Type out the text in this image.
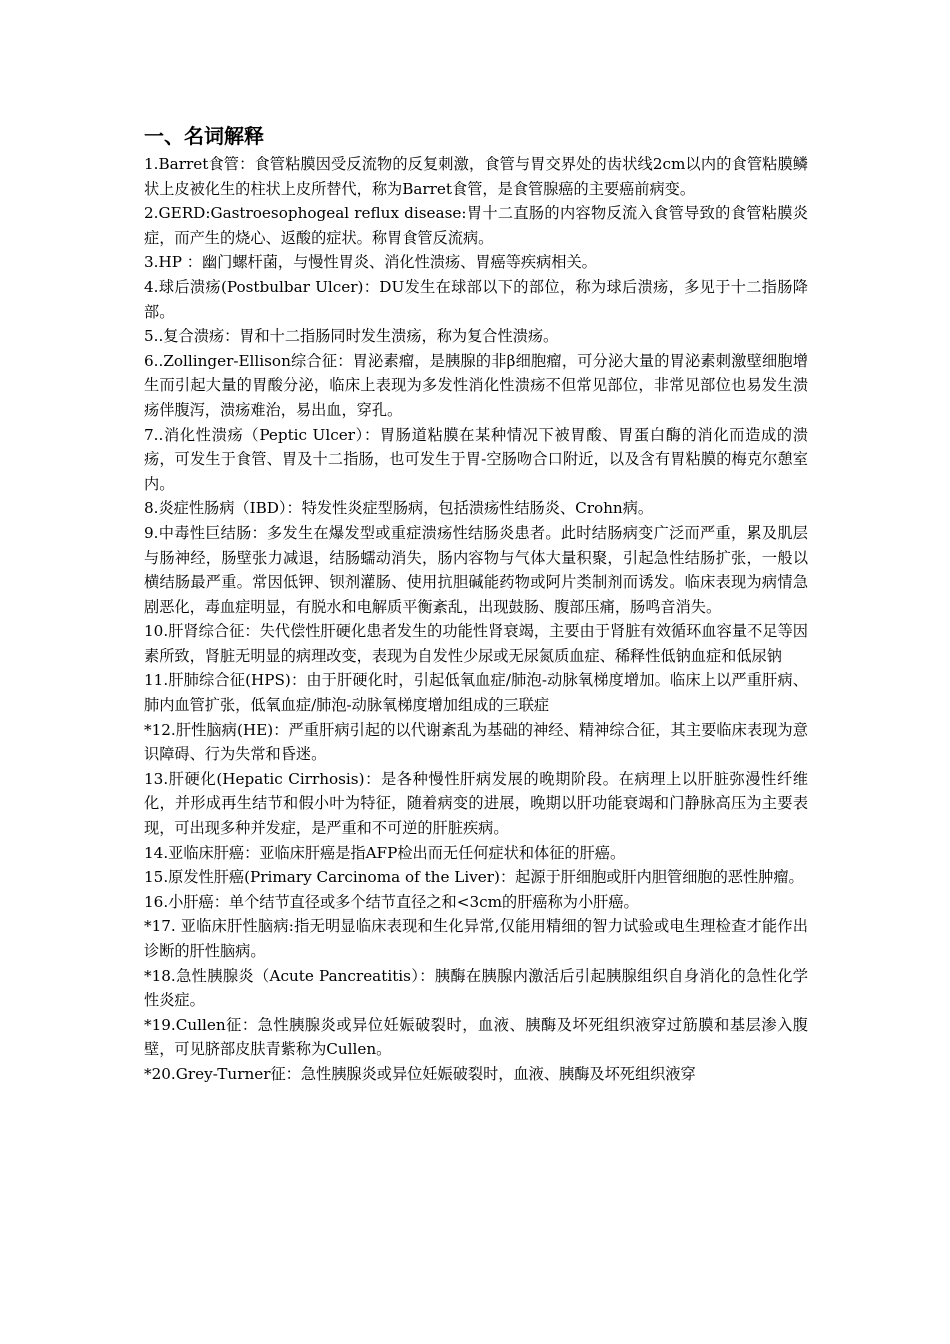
一、名词解释

1.Barret食管：食管粘膜因受反流物的反复刺激，食管与胃交界处的齿状线2cm以内的食管粘膜鳞状上皮被化生的柱状上皮所替代，称为Barret食管，是食管腺癌的主要癌前病变。

2.GERD:Gastroesophogeal reflux disease:胃十二直肠的内容物反流入食管导致的食管粘膜炎症，而产生的烧心、返酸的症状。称胃食管反流病。

3.HP ：幽门螺杆菌，与慢性胃炎、消化性溃疡、胃癌等疾病相关。

4.球后溃疡(Postbulbar Ulcer)：DU发生在球部以下的部位，称为球后溃疡，多见于十二指肠降部。

5..复合溃疡：胃和十二指肠同时发生溃疡，称为复合性溃疡。

6..Zollinger-Ellison综合征：胃泌素瘤，是胰腺的非β细胞瘤，可分泌大量的胃泌素刺激壁细胞增生而引起大量的胃酸分泌，临床上表现为多发性消化性溃疡不但常见部位，非常见部位也易发生溃疡伴腹泻，溃疡难治，易出血，穿孔。

7..消化性溃疡（Peptic Ulcer）：胃肠道粘膜在某种情况下被胃酸、胃蛋白酶的消化而造成的溃疡，可发生于食管、胃及十二指肠，也可发生于胃-空肠吻合口附近，以及含有胃粘膜的梅克尔憩室内。

8.炎症性肠病（IBD）：特发性炎症型肠病，包括溃疡性结肠炎、Crohn病。

9.中毒性巨结肠：多发生在爆发型或重症溃疡性结肠炎患者。此时结肠病变广泛而严重，累及肌层与肠神经，肠壁张力减退，结肠蠕动消失，肠内容物与气体大量积聚，引起急性结肠扩张，一般以横结肠最严重。常因低钾、钡剂灌肠、使用抗胆碱能药物或阿片类制剂而诱发。临床表现为病情急剧恶化，毒血症明显，有脱水和电解质平衡紊乱，出现鼓肠、腹部压痛，肠鸣音消失。

10.肝肾综合征：失代偿性肝硬化患者发生的功能性肾衰竭，主要由于肾脏有效循环血容量不足等因素所致，肾脏无明显的病理改变，表现为自发性少尿或无尿氮质血症、稀释性低钠血症和低尿钠

11.肝肺综合征(HPS)：由于肝硬化时，引起低氧血症/肺泡-动脉氧梯度增加。临床上以严重肝病、肺内血管扩张，低氧血症/肺泡-动脉氧梯度增加组成的三联症

*12.肝性脑病(HE)：严重肝病引起的以代谢紊乱为基础的神经、精神综合征，其主要临床表现为意识障碍、行为失常和昏迷。

13.肝硬化(Hepatic Cirrhosis)：是各种慢性肝病发展的晚期阶段。在病理上以肝脏弥漫性纤维化，并形成再生结节和假小叶为特征，随着病变的进展，晚期以肝功能衰竭和门静脉高压为主要表现，可出现多种并发症，是严重和不可逆的肝脏疾病。

14.亚临床肝癌：亚临床肝癌是指AFP检出而无任何症状和体征的肝癌。

15.原发性肝癌(Primary Carcinoma of the Liver)：起源于肝细胞或肝内胆管细胞的恶性肿瘤。

16.小肝癌：单个结节直径或多个结节直径之和<3cm的肝癌称为小肝癌。

*17. 亚临床肝性脑病:指无明显临床表现和生化异常,仅能用精细的智力试验或电生理检查才能作出诊断的肝性脑病。

*18.急性胰腺炎（Acute Pancreatitis）：胰酶在胰腺内激活后引起胰腺组织自身消化的急性化学性炎症。

*19.Cullen征：急性胰腺炎或异位妊娠破裂时，血液、胰酶及坏死组织液穿过筋膜和基层渗入腹壁，可见脐部皮肤青紫称为Cullen。

*20.Grey-Turner征：急性胰腺炎或异位妊娠破裂时，血液、胰酶及坏死组织液穿
